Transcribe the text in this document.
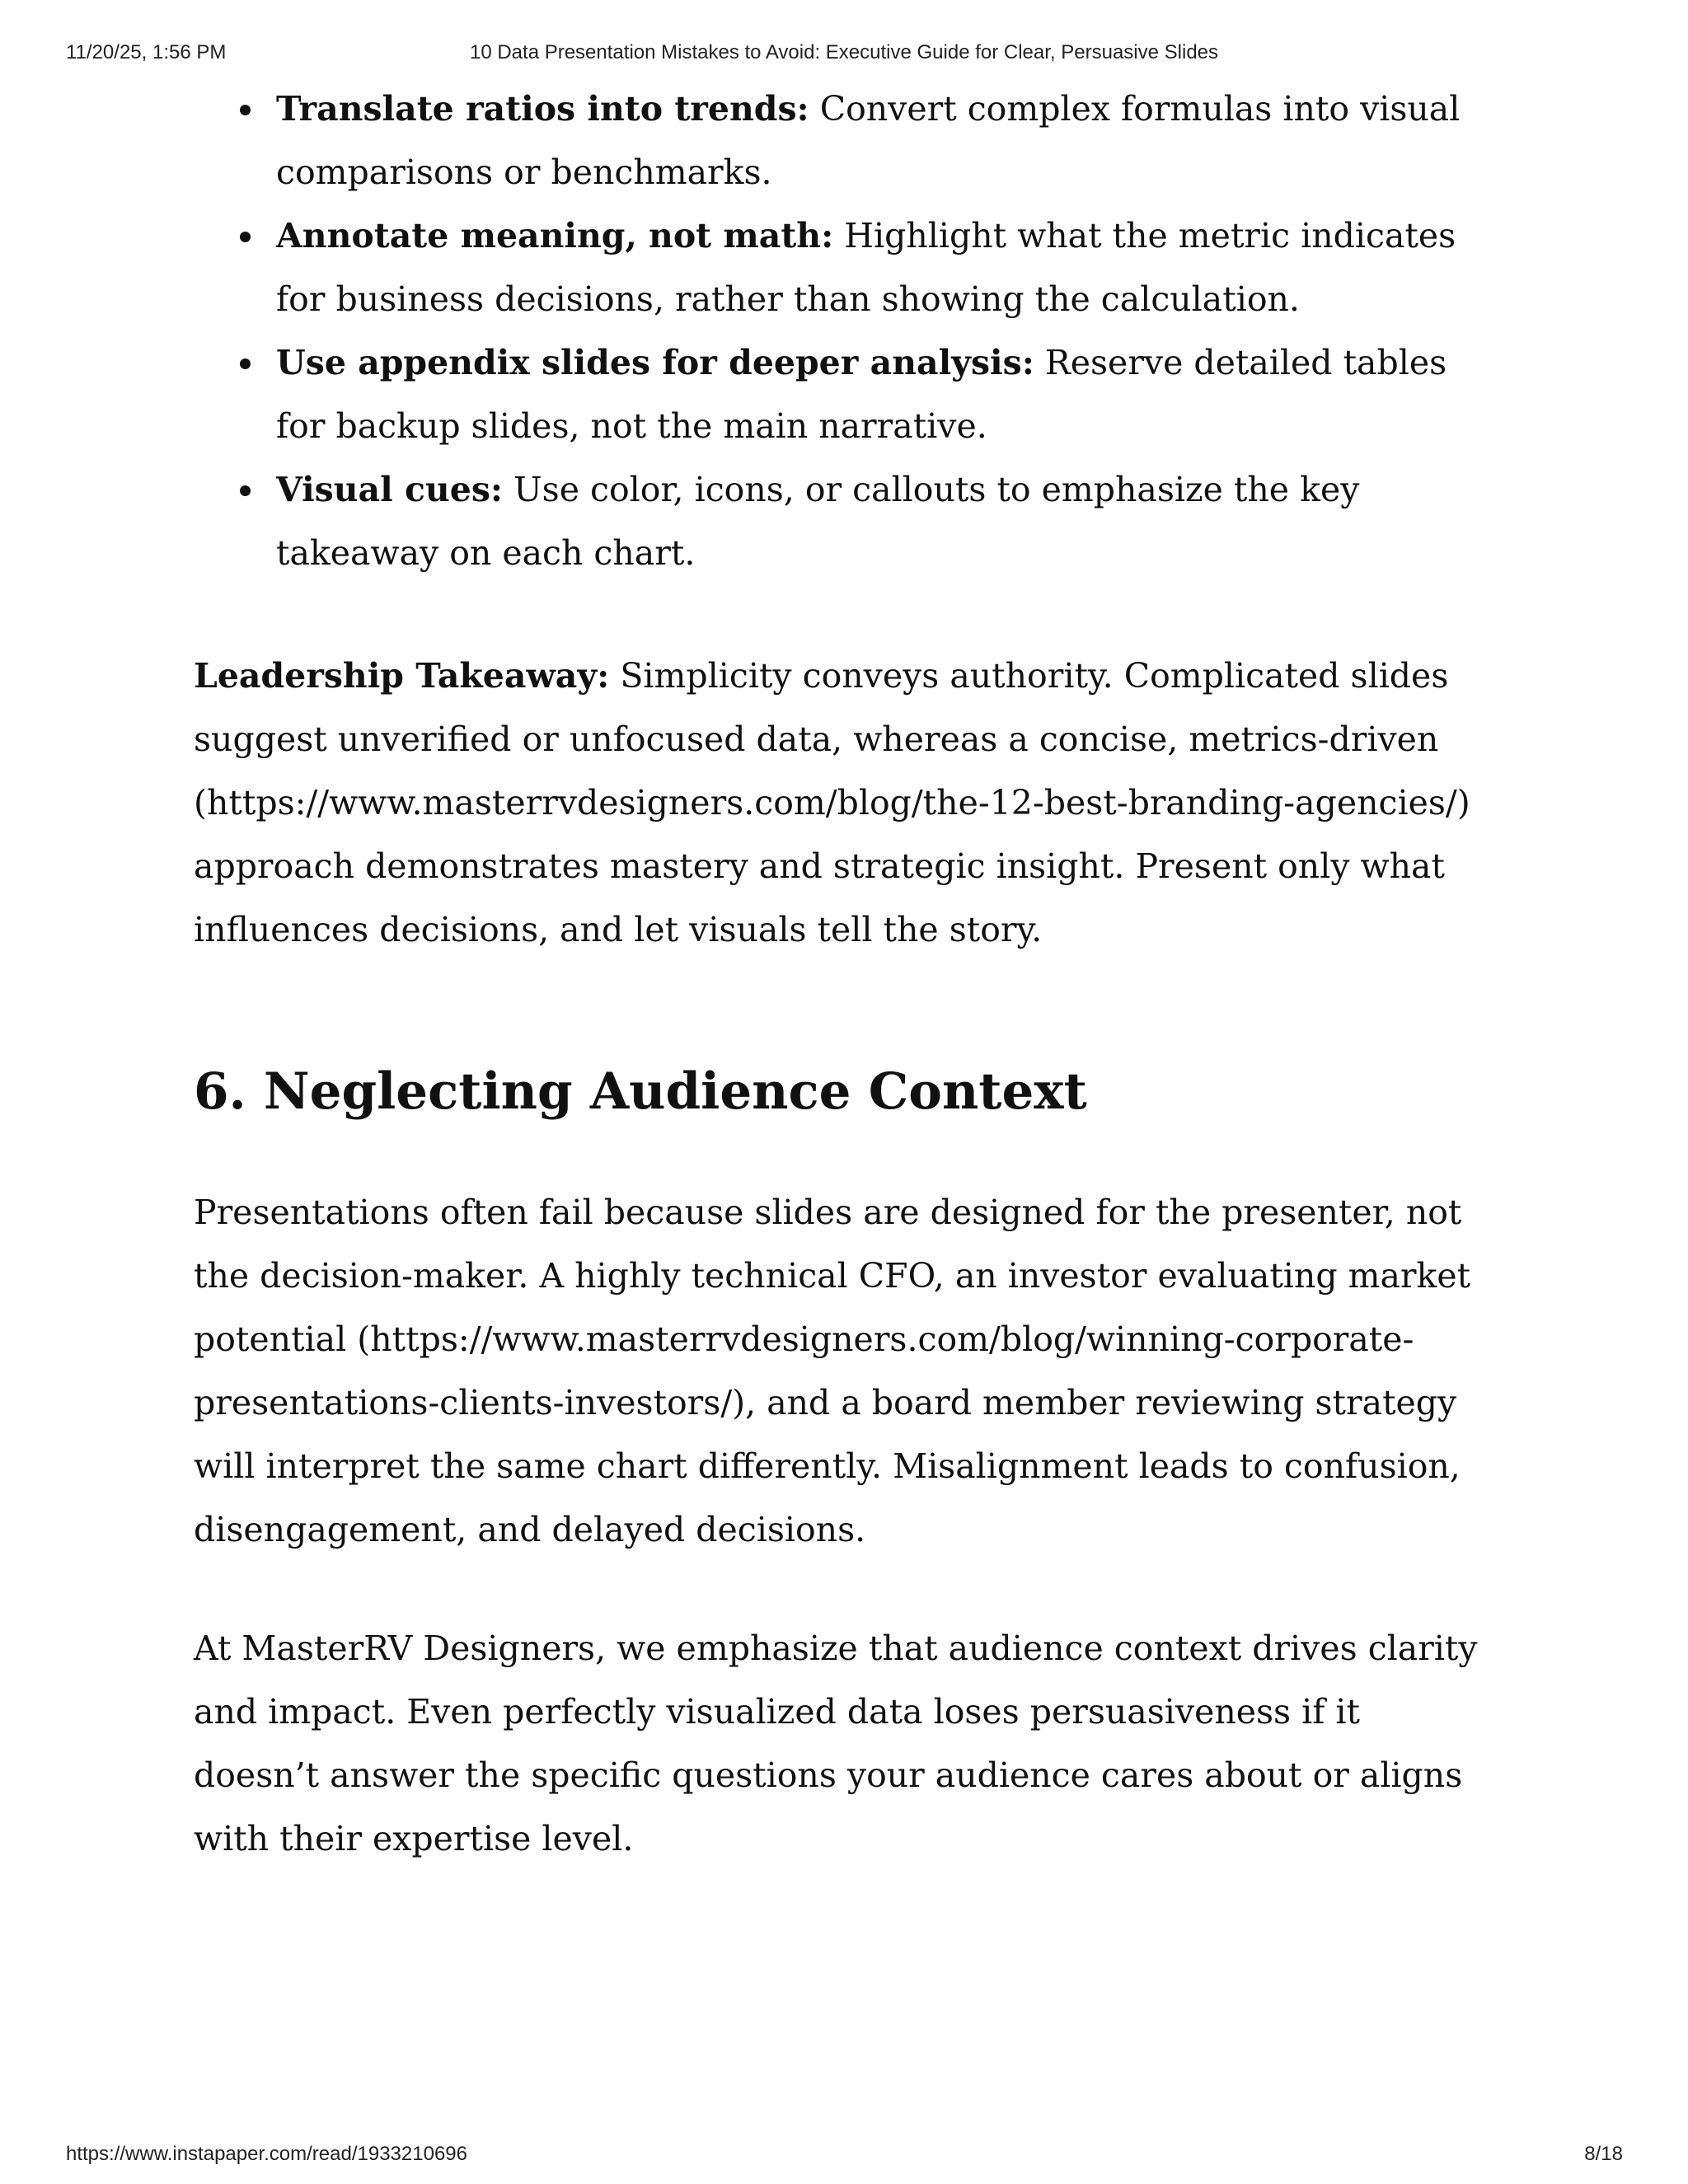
11/20/25, 1:56 PM	10 Data Presentation Mistakes to Avoid: Executive Guide for Clear, Persuasive Slides
Translate ratios into trends: Convert complex formulas into visual comparisons or benchmarks.
Annotate meaning, not math: Highlight what the metric indicates for business decisions, rather than showing the calculation.
Use appendix slides for deeper analysis: Reserve detailed tables for backup slides, not the main narrative.
Visual cues: Use color, icons, or callouts to emphasize the key takeaway on each chart.

Leadership Takeaway: Simplicity conveys authority. Complicated slides suggest unverified or unfocused data, whereas a concise, metrics-driven (https://www.masterrvdesigners.com/blog/the-12-best-branding-agencies/) approach demonstrates mastery and strategic insight. Present only what influences decisions, and let visuals tell the story.

6. Neglecting Audience Context

Presentations often fail because slides are designed for the presenter, not the decision-maker. A highly technical CFO, an investor evaluating market potential (https://www.masterrvdesigners.com/blog/winning-corporate-presentations-clients-investors/), and a board member reviewing strategy will interpret the same chart differently. Misalignment leads to confusion, disengagement, and delayed decisions.

At MasterRV Designers, we emphasize that audience context drives clarity and impact. Even perfectly visualized data loses persuasiveness if it doesn’t answer the specific questions your audience cares about or aligns with their expertise level.

https://www.instapaper.com/read/1933210696	8/18
